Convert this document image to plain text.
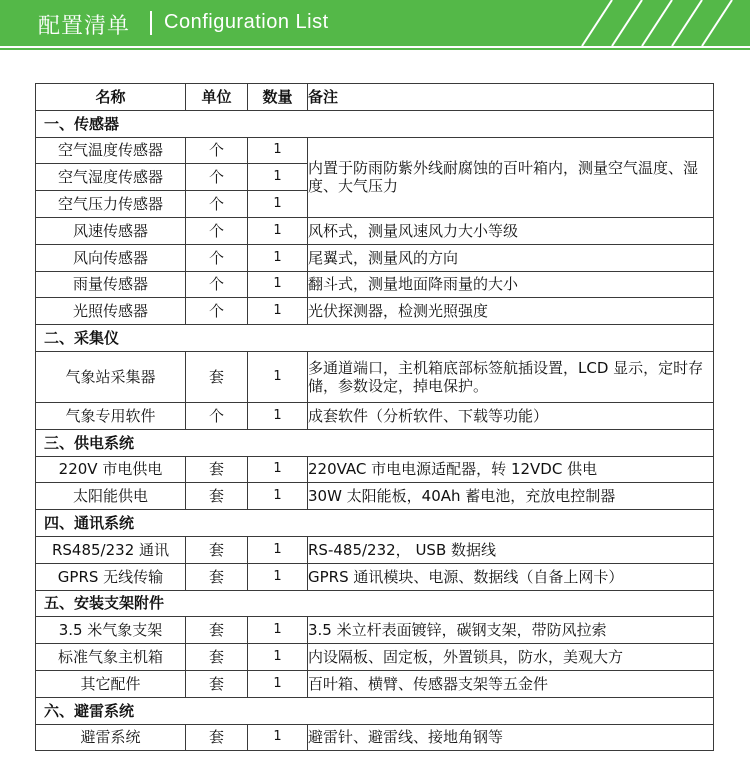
配置清单 Configuration List
名称	单位	数量	备注
一、传感器			
空气温度传感器	个	1	内置于防雨防紫外线耐腐蚀的百叶箱内，测量空气温度、湿度、大气压力
空气湿度传感器	个	1	
空气压力传感器	个	1	
风速传感器	个	1	风杯式，测量风速风力大小等级
风向传感器	个	1	尾翼式，测量风的方向
雨量传感器	个	1	翻斗式，测量地面降雨量的大小
光照传感器	个	1	光伏探测器，检测光照强度
二、采集仪			
气象站采集器	套	1	多通道端口，主机箱底部标签航插设置，LCD 显示，定时存储，参数设定，掉电保护。
气象专用软件	个	1	成套软件（分析软件、下载等功能）
三、供电系统			
220V 市电供电	套	1	220VAC 市电电源适配器，转 12VDC 供电
太阳能供电	套	1	30W 太阳能板，40Ah 蓄电池，充放电控制器
四、通讯系统			
RS485/232 通讯	套	1	RS-485/232， USB 数据线
GPRS 无线传输	套	1	GPRS 通讯模块、电源、数据线（自备上网卡）
五、安装支架附件			
3.5 米气象支架	套	1	3.5 米立杆表面镀锌，碳钢支架，带防风拉索
标准气象主机箱	套	1	内设隔板、固定板，外置锁具，防水，美观大方
其它配件	套	1	百叶箱、横臂、传感器支架等五金件
六、避雷系统			
避雷系统	套	1	避雷针、避雷线、接地角钢等
